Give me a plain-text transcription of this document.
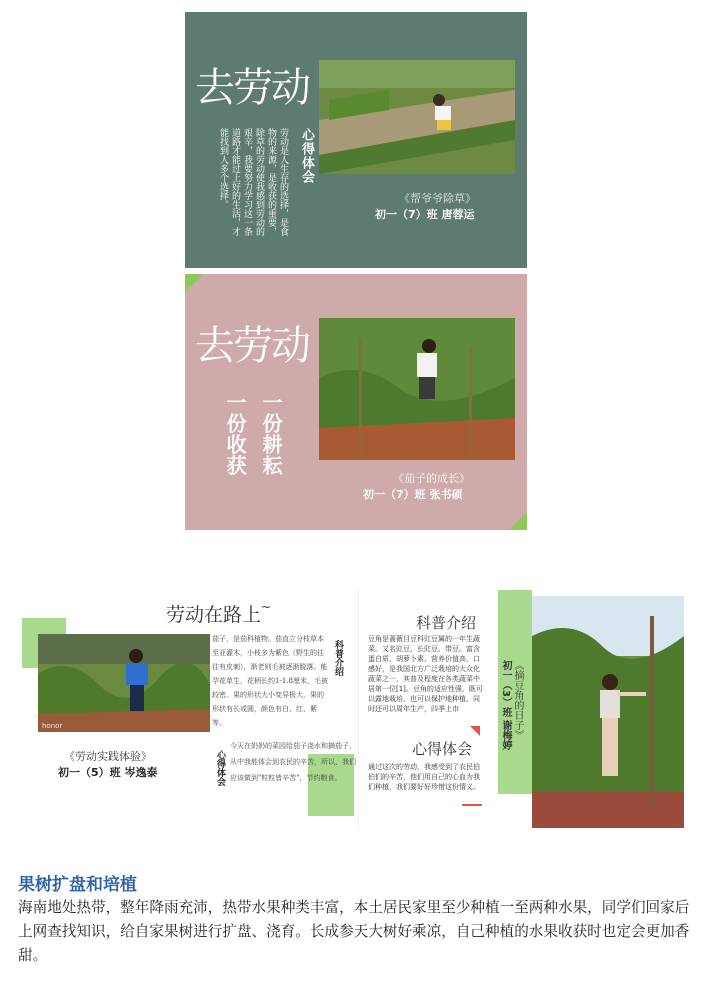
去劳动
心得体会
劳动是人生存的选择，是食物的来源，是收获的重要，除草的劳动使我感到劳动的艰辛，我要努力学习这一条道路才能过上好的生活，才能找到人多个选择。	《帮爷爷除草》
初一（7）班 唐蓉运
去劳动
一份耕耘
一份收获
《茄子的成长》
初一（7）班 张书硕
honor
《劳动实践体验》
初一（5）班 岑逸泰
劳动在路上~
茄子，是茄科植物。茄直立分枝草本至亚灌木，小枝多为紫色（野生的往往有皮刺），渐老则毛被逐渐脱落。能孕花单生，花柄长约1-1.8厘米，毛被较密。果的形状大小变异极大，果的形状有长或圆，颜色有白、红、紫等。
科普介绍
心得体会
今天在奶奶的菜园给茄子浇水和摘茄子，从中我能体会到农民的辛苦，所以，我们应该做到"粒粒皆辛苦"，节约粮食。
科普介绍
豆角是蔷薇目豆科豇豆属的一年生蔬菜。又名豇豆、长豇豆、带豆。富含蛋白质、胡萝卜素、营养价值高，口感好，是我国北方广泛栽培的大众化蔬菜之一，其普及程度在各类蔬菜中居第一位[1]。豆角的适应性强，既可以露地栽培，也可以保护地种植，同时还可以周年生产，四季上市
心得体会
通过这次的劳动，我感受到了农民伯伯们的辛苦，他们用自己的心血为我们种植，我们要好好珍惜这份情义。
《摘豆角的日子》
初一（3）班 谢梅婷
果树扩盘和培植
海南地处热带，整年降雨充沛，热带水果种类丰富，本土居民家里至少种植一至两种水果，同学们回家后上网查找知识，给自家果树进行扩盘、浇育。长成参天大树好乘凉，自己种植的水果收获时也定会更加香甜。
